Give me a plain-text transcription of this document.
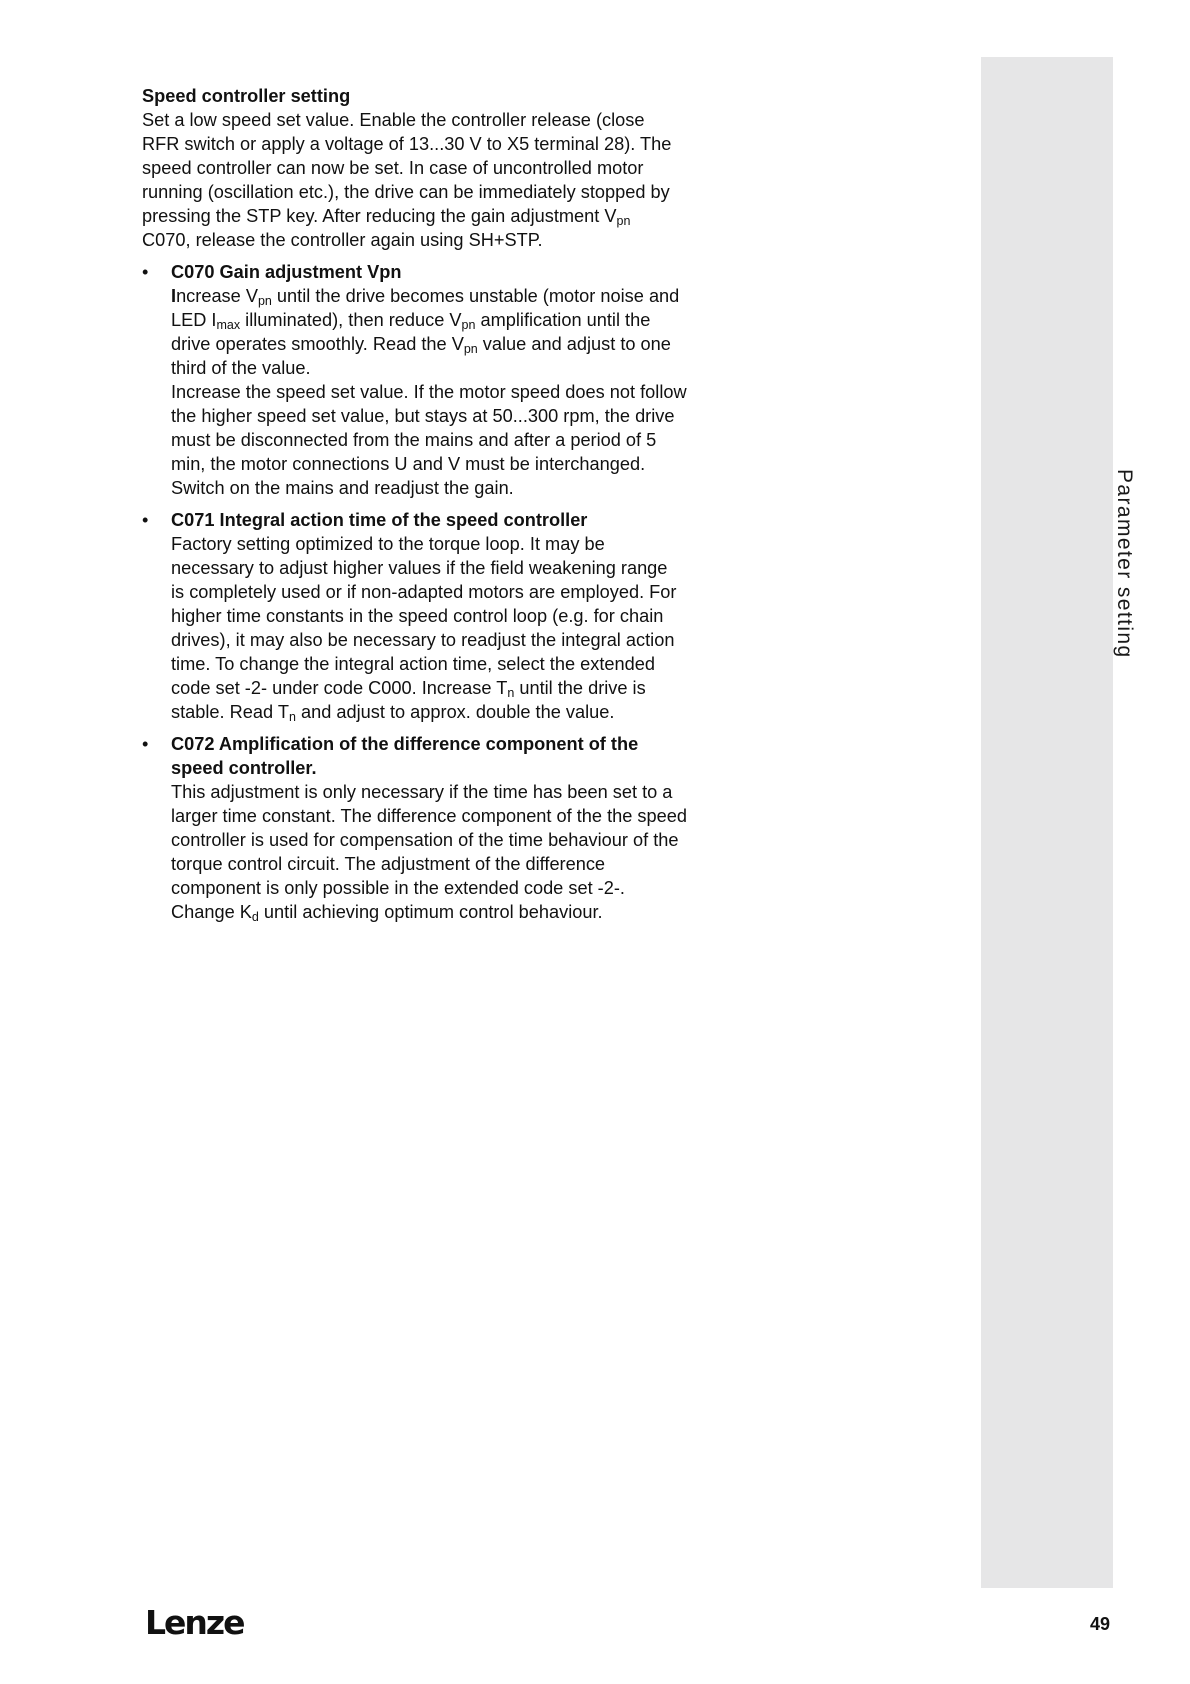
Parameter setting
Speed controller setting
Set a low speed set value. Enable the controller release (close
RFR switch or apply a voltage of 13...30 V to X5 terminal 28). The
speed controller can now be set. In case of uncontrolled motor
running (oscillation etc.), the drive can be immediately stopped by
pressing the STP key. After reducing the gain adjustment $V_{pn}$
C070, release the controller again using SH+STP.
• C070 Gain adjustment Vpn
Increase $V_{pn}$ until the drive becomes unstable (motor noise and
LED $I_{max}$ illuminated), then reduce $V_{pn}$ amplification until the
drive operates smoothly. Read the $V_{pn}$ value and adjust to one
third of the value.
Increase the speed set value. If the motor speed does not follow
the higher speed set value, but stays at 50...300 rpm, the drive
must be disconnected from the mains and after a period of 5
min, the motor connections U and V must be interchanged.
Switch on the mains and readjust the gain.
• C071 Integral action time of the speed controller
Factory setting optimized to the torque loop. It may be
necessary to adjust higher values if the field weakening range
is completely used or if non-adapted motors are employed. For
higher time constants in the speed control loop (e.g. for chain
drives), it may also be necessary to readjust the integral action
time. To change the integral action time, select the extended
code set -2- under code C000. Increase $T_n$ until the drive is
stable. Read $T_n$ and adjust to approx. double the value.
• C072 Amplification of the difference component of the
speed controller.
This adjustment is only necessary if the time has been set to a
larger time constant. The difference component of the the speed
controller is used for compensation of the time behaviour of the
torque control circuit. The adjustment of the difference
component is only possible in the extended code set -2-.
Change $K_d$ until achieving optimum control behaviour.
Lenze	49
